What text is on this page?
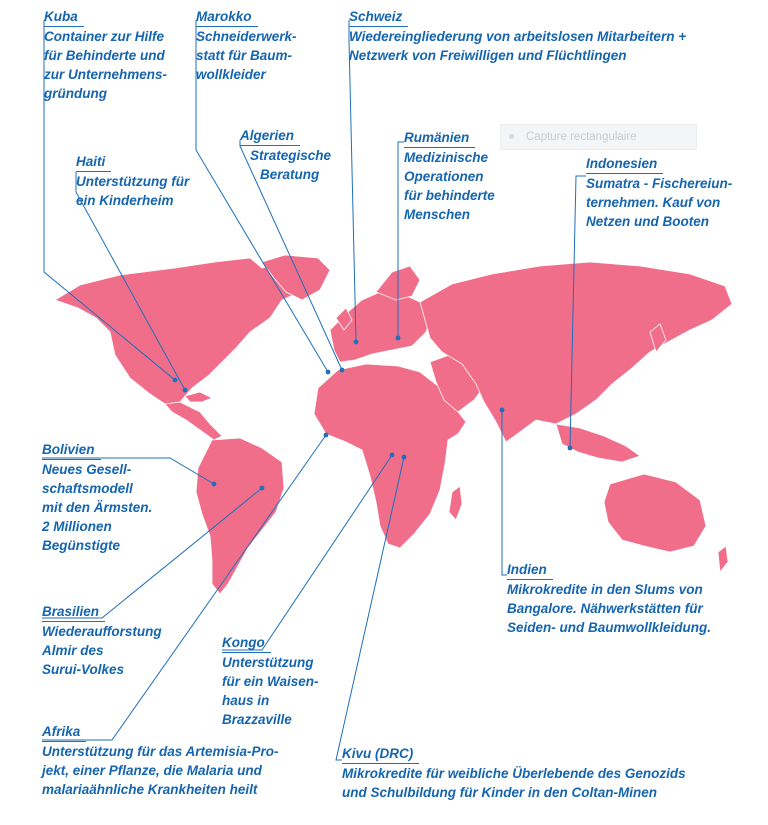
Capture rectangulaire
Kuba
Container zur Hilfe
für Behinderte und
zur Unternehmens-
gründung
Marokko
Schneiderwerk-
statt für Baum-
wollkleider
Schweiz
Wiedereingliederung von arbeitslosen Mitarbeitern +
Netzwerk von Freiwilligen und Flüchtlingen
Haiti
Unterstützung für
ein Kinderheim
Algerien
Strategische
Beratung
Rumänien
Medizinische
Operationen
für behinderte
Menschen
Indonesien
Sumatra - Fischereiun-
ternehmen. Kauf von
Netzen und Booten
Bolivien
Neues Gesell-
schaftsmodell
mit den Ärmsten.
2 Millionen
Begünstigte
Indien
Mikrokredite in den Slums von
Bangalore. Nähwerkstätten für
Seiden- und Baumwollkleidung.
Brasilien
Wiederaufforstung
Almir des
Surui-Volkes
Kongo
Unterstützung
für ein Waisen-
haus in
Brazzaville
Afrika
Unterstützung für das Artemisia-Pro-
jekt, einer Pflanze, die Malaria und
malariaähnliche Krankheiten heilt
Kivu (DRC)
Mikrokredite für weibliche Überlebende des Genozids
und Schulbildung für Kinder in den Coltan-Minen
